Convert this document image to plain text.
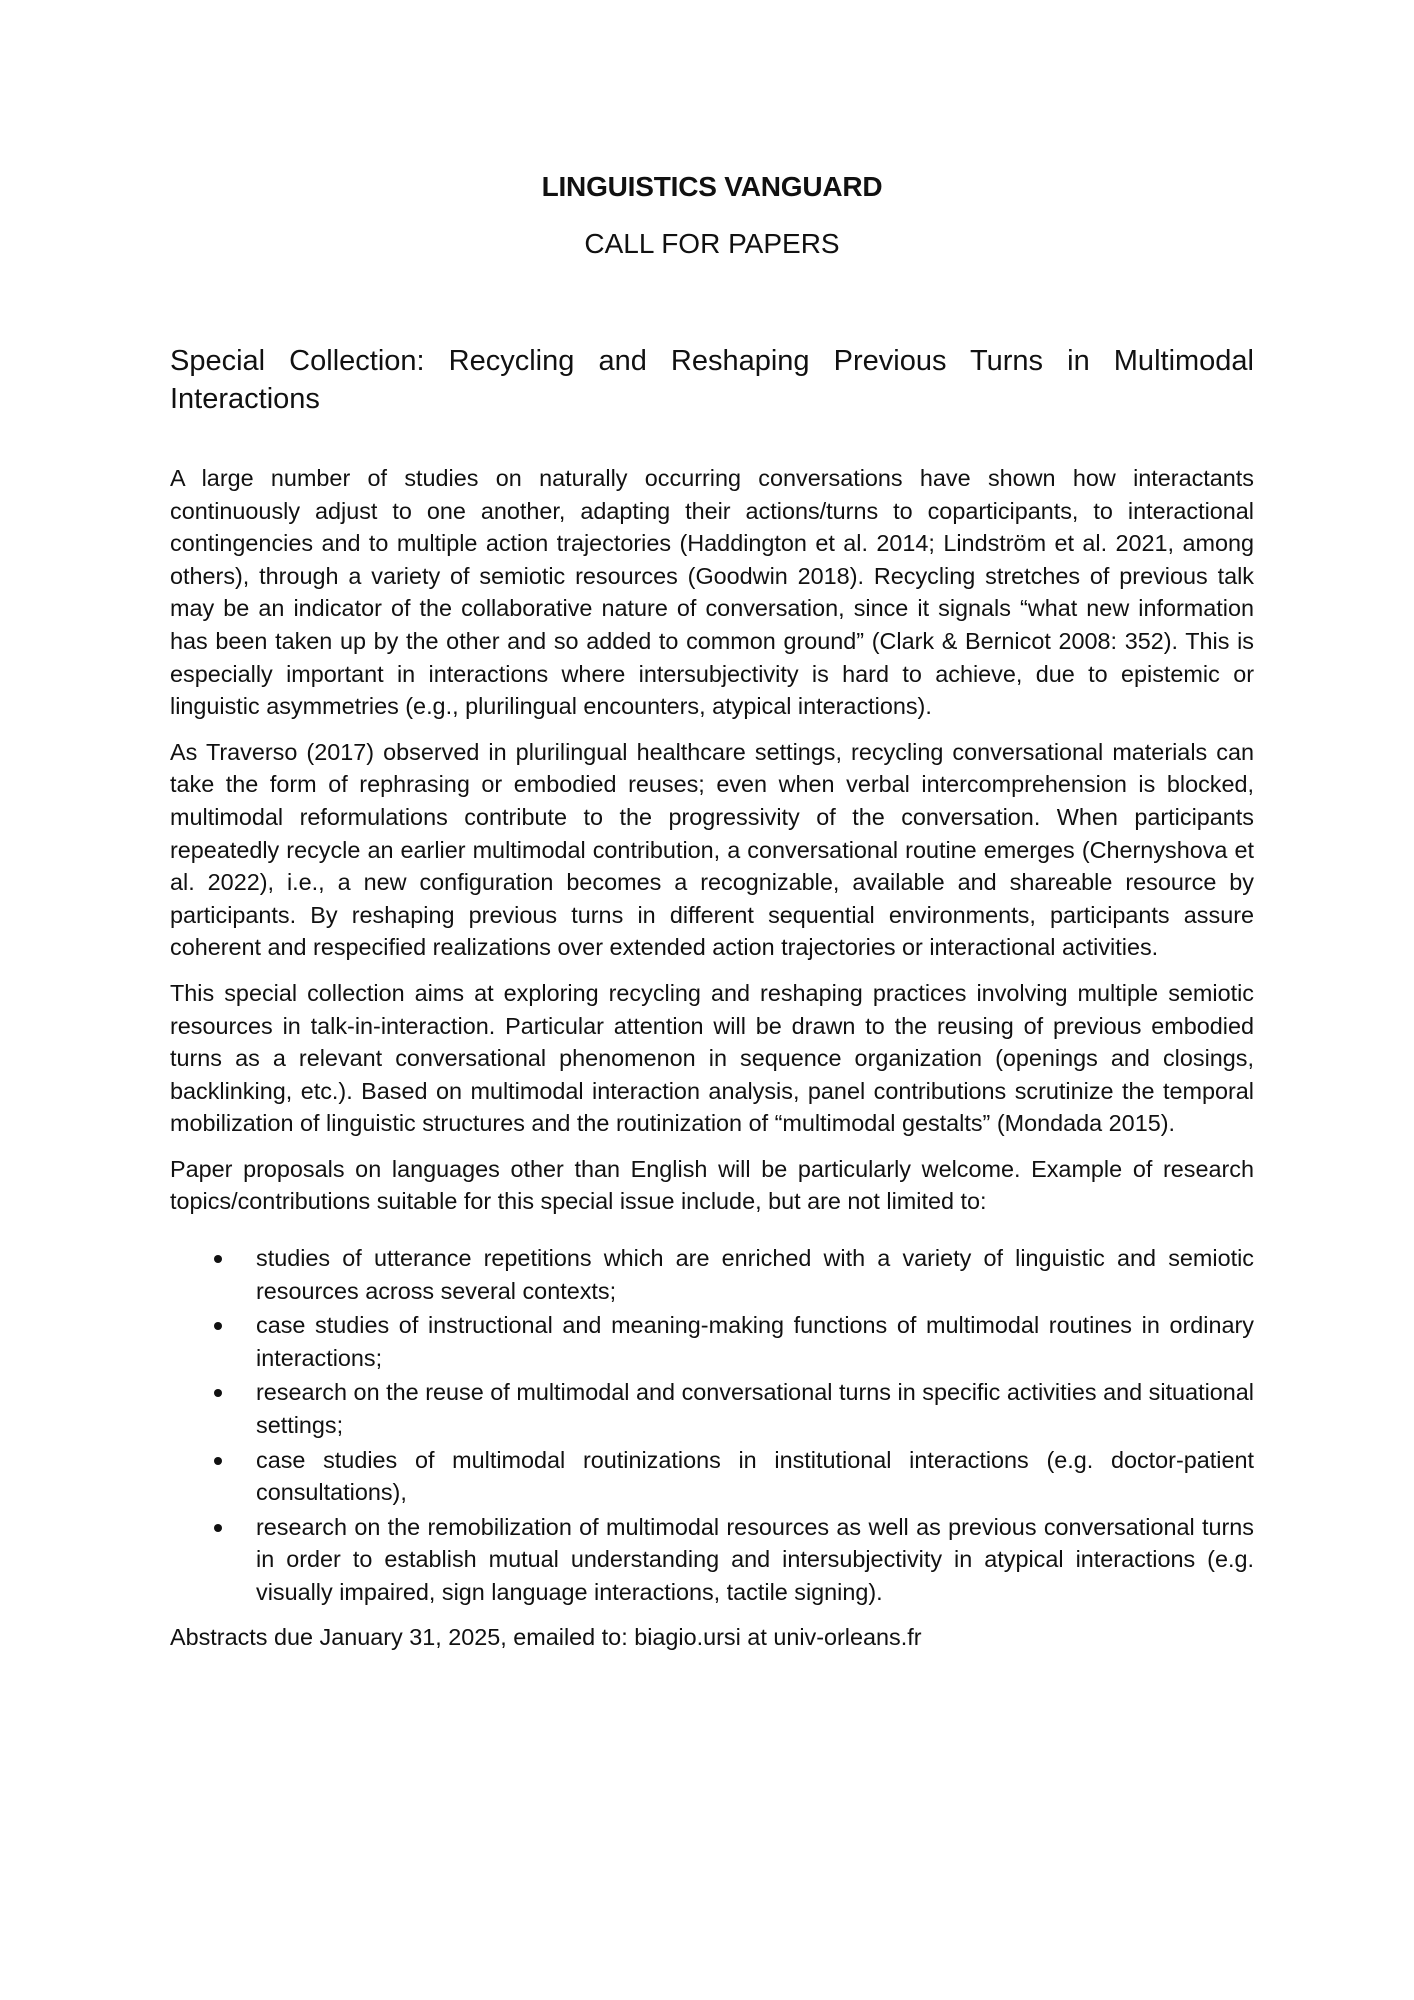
LINGUISTICS VANGUARD
CALL FOR PAPERS
Special Collection: Recycling and Reshaping Previous Turns in Multimodal Interactions

A large number of studies on naturally occurring conversations have shown how interactants continuously adjust to one another, adapting their actions/turns to coparticipants, to interactional contingencies and to multiple action trajectories (Haddington et al. 2014; Lindström et al. 2021, among others), through a variety of semiotic resources (Goodwin 2018). Recycling stretches of previous talk may be an indicator of the collaborative nature of conversation, since it signals “what new information has been taken up by the other and so added to common ground” (Clark & Bernicot 2008: 352). This is especially important in interactions where intersubjectivity is hard to achieve, due to epistemic or linguistic asymmetries (e.g., plurilingual encounters, atypical interactions).

As Traverso (2017) observed in plurilingual healthcare settings, recycling conversational materials can take the form of rephrasing or embodied reuses; even when verbal intercomprehension is blocked, multimodal reformulations contribute to the progressivity of the conversation. When participants repeatedly recycle an earlier multimodal contribution, a conversational routine emerges (Chernyshova et al. 2022), i.e., a new configuration becomes a recognizable, available and shareable resource by participants. By reshaping previous turns in different sequential environments, participants assure coherent and respecified realizations over extended action trajectories or interactional activities.

This special collection aims at exploring recycling and reshaping practices involving multiple semiotic resources in talk-in-interaction. Particular attention will be drawn to the reusing of previous embodied turns as a relevant conversational phenomenon in sequence organization (openings and closings, backlinking, etc.). Based on multimodal interaction analysis, panel contributions scrutinize the temporal mobilization of linguistic structures and the routinization of “multimodal gestalts” (Mondada 2015).

Paper proposals on languages other than English will be particularly welcome. Example of research topics/contributions suitable for this special issue include, but are not limited to:

studies of utterance repetitions which are enriched with a variety of linguistic and semiotic resources across several contexts;
case studies of instructional and meaning-making functions of multimodal routines in ordinary interactions;
research on the reuse of multimodal and conversational turns in specific activities and situational settings;
case studies of multimodal routinizations in institutional interactions (e.g. doctor-patient consultations),
research on the remobilization of multimodal resources as well as previous conversational turns in order to establish mutual understanding and intersubjectivity in atypical interactions (e.g. visually impaired, sign language interactions, tactile signing).

Abstracts due January 31, 2025, emailed to: biagio.ursi at univ-orleans.fr
